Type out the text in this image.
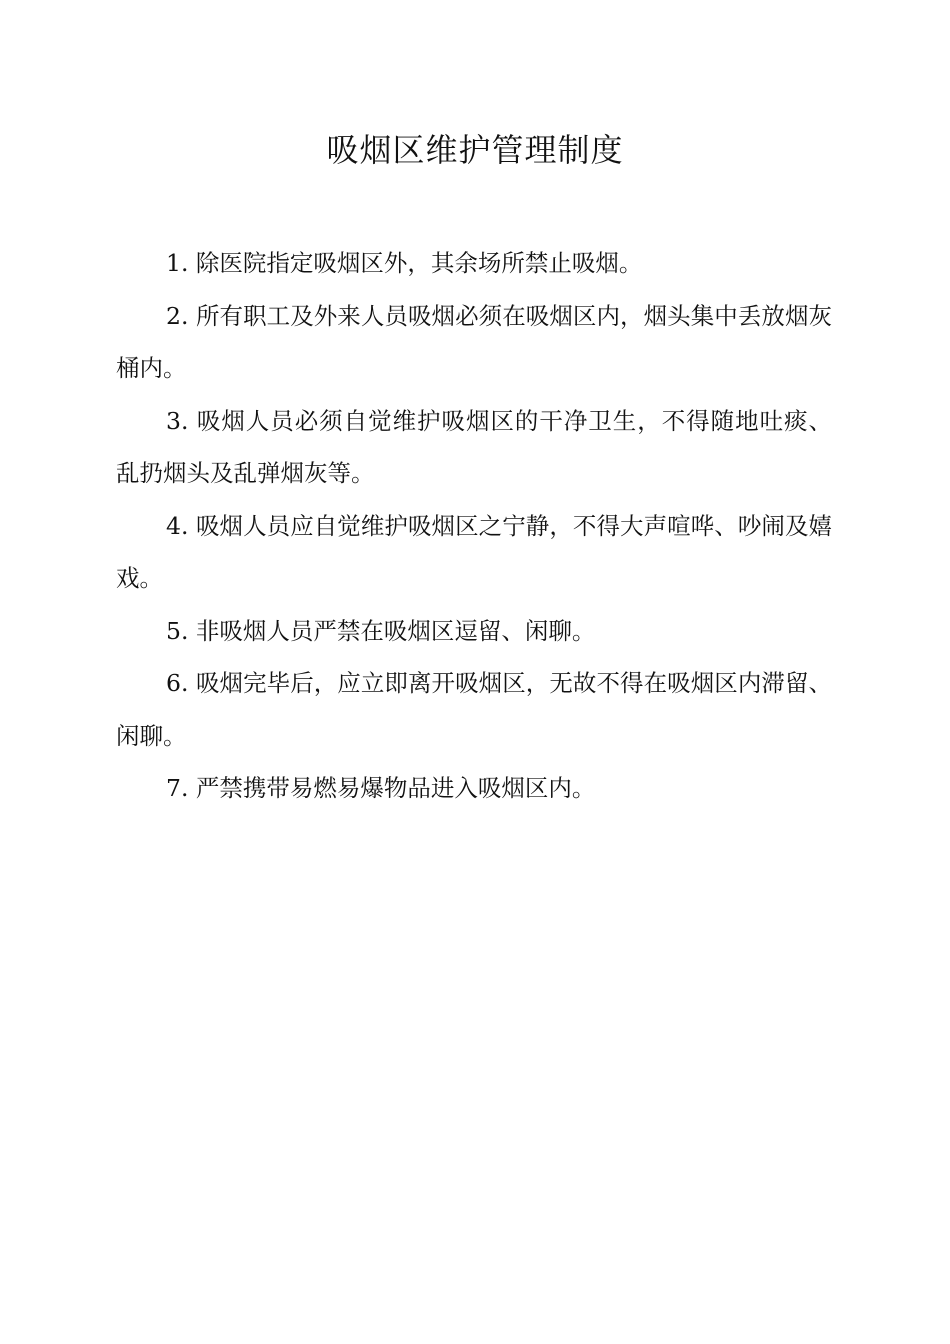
吸烟区维护管理制度
1. 除医院指定吸烟区外，其余场所禁止吸烟。
2. 所有职工及外来人员吸烟必须在吸烟区内，烟头集中丢放烟灰桶内。
3. 吸烟人员必须自觉维护吸烟区的干净卫生，不得随地吐痰、 乱扔烟头及乱弹烟灰等。
4. 吸烟人员应自觉维护吸烟区之宁静，不得大声喧哗、吵闹及嬉戏。
5. 非吸烟人员严禁在吸烟区逗留、闲聊。
6. 吸烟完毕后，应立即离开吸烟区，无故不得在吸烟区内滞留、闲聊。
7. 严禁携带易燃易爆物品进入吸烟区内。
